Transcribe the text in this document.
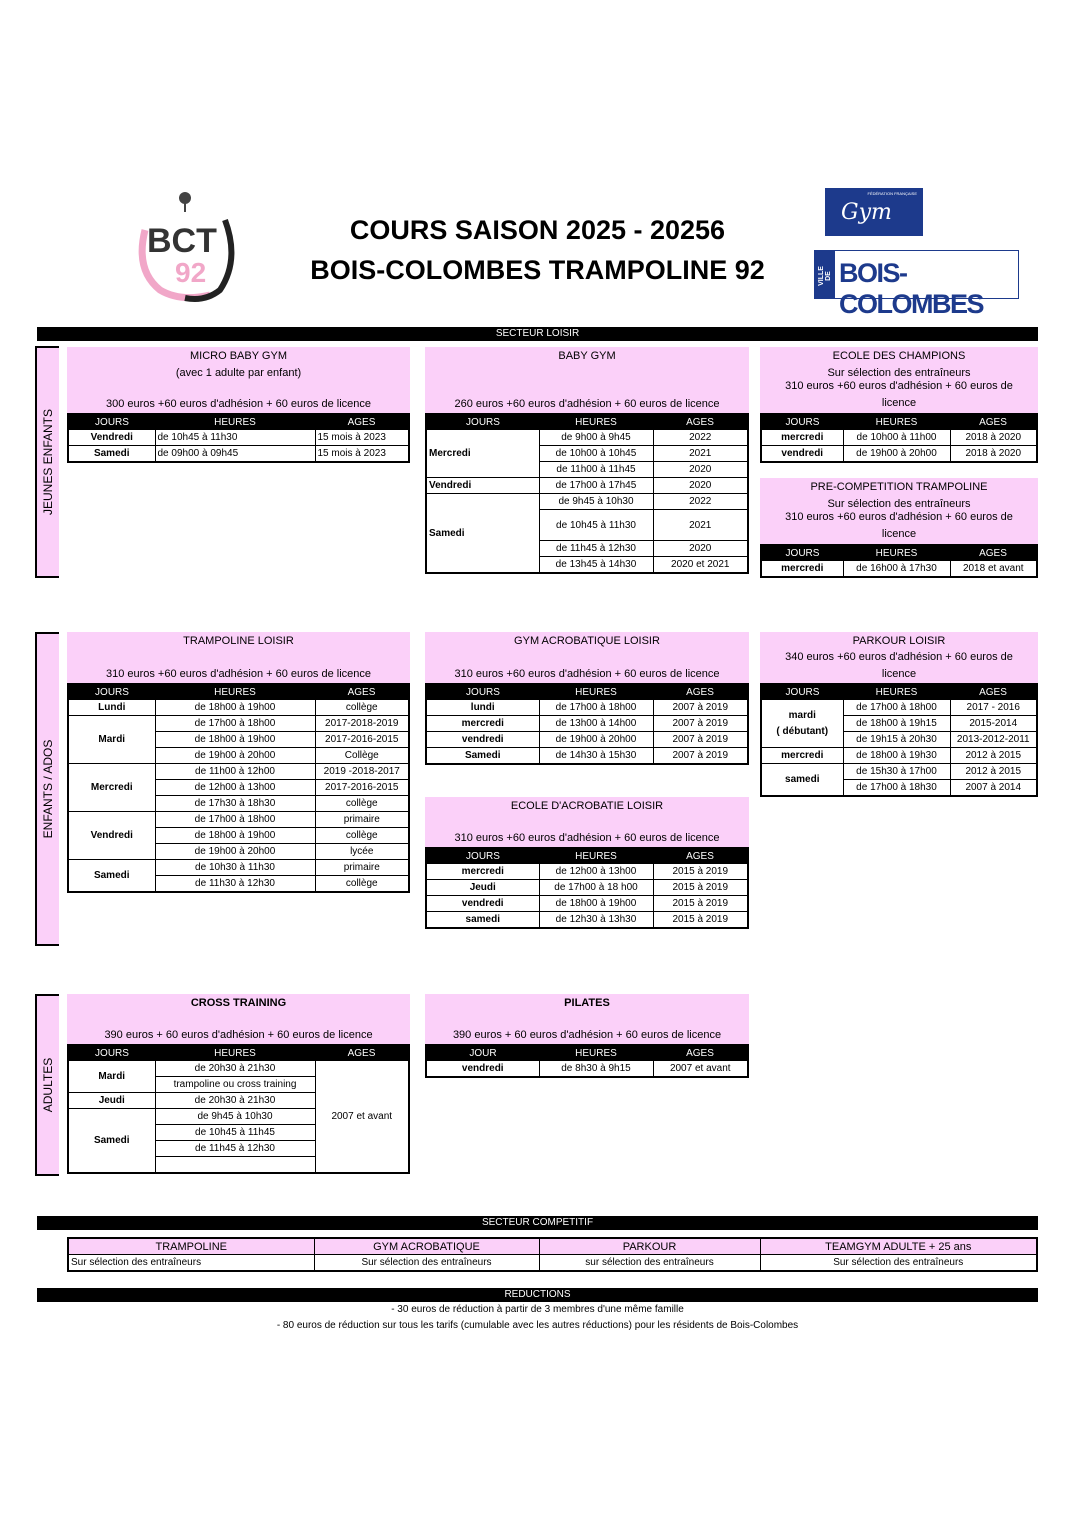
BCT
92
COURS SAISON 2025 - 20256
BOIS-COLOMBES TRAMPOLINE 92
FÉDÉRATION FRANÇAISE
Gym
VILLE DE BOIS-COLOMBES
SECTEUR LOISIR
JEUNES ENFANTS
ENFANTS / ADOS
ADULTES
MICRO BABY GYM
(avec 1 adulte par enfant)
300 euros +60 euros d'adhésion + 60 euros de licence
JOURS	HEURES	AGES
Vendredi	de 10h45 à 11h30	15 mois à 2023
Samedi	de 09h00 à 09h45	15 mois à 2023
BABY GYM
260 euros +60 euros d'adhésion + 60 euros de licence
JOURS	HEURES	AGES
Mercredi	de 9h00 à 9h45	2022
	de 10h00 à 10h45	2021
	de 11h00 à 11h45	2020
Vendredi	de 17h00 à 17h45	2020
Samedi	de 9h45 à 10h30	2022
	de 10h45 à 11h30	2021
	de 11h45 à 12h30	2020
	de 13h45 à 14h30	2020 et 2021
ECOLE DES CHAMPIONS
Sur sélection des entraîneurs
310 euros +60 euros d'adhésion + 60 euros de
licence
JOURS	HEURES	AGES
mercredi	de 10h00 à 11h00	2018 à 2020
vendredi	de 19h00 à 20h00	2018 à 2020
PRE-COMPETITION TRAMPOLINE
Sur sélection des entraîneurs
310 euros +60 euros d'adhésion + 60 euros de
licence
JOURS	HEURES	AGES
mercredi	de 16h00 à 17h30	2018 et avant
TRAMPOLINE LOISIR
310 euros +60 euros d'adhésion + 60 euros de licence
JOURS	HEURES	AGES
Lundi	de 18h00 à 19h00	collège
Mardi	de 17h00 à 18h00	2017-2018-2019
	de 18h00 à 19h00	2017-2016-2015
	de 19h00 à 20h00	Collège
Mercredi	de 11h00 à 12h00	2019 -2018-2017
	de 12h00 à 13h00	2017-2016-2015
	de 17h30 à 18h30	collège
Vendredi	de 17h00 à 18h00	primaire
	de 18h00 à 19h00	collège
	de 19h00 à 20h00	lycée
Samedi	de 10h30 à 11h30	primaire
	de 11h30 à 12h30	collège
GYM ACROBATIQUE LOISIR
310 euros +60 euros d'adhésion + 60 euros de licence
JOURS	HEURES	AGES
lundi	de 17h00 à 18h00	2007 à 2019
mercredi	de 13h00 à 14h00	2007 à 2019
vendredi	de 19h00 à 20h00	2007 à 2019
Samedi	de 14h30 à 15h30	2007 à 2019
ECOLE D'ACROBATIE LOISIR
310 euros +60 euros d'adhésion + 60 euros de licence
JOURS	HEURES	AGES
mercredi	de 12h00 à 13h00	2015 à 2019
Jeudi	de 17h00 à 18 h00	2015 à 2019
vendredi	de 18h00 à 19h00	2015 à 2019
samedi	de 12h30 à 13h30	2015 à 2019
PARKOUR LOISIR
340 euros +60 euros d'adhésion + 60 euros de
licence
JOURS	HEURES	AGES

mardi
( débutant)	de 17h00 à 18h00	2017 - 2016
	de 18h00 à 19h15	2015-2014
	de 19h15 à 20h30	2013-2012-2011
mercredi	de 18h00 à 19h30	2012 à 2015
samedi	de 15h30 à 17h00	2012 à 2015
	de 17h00 à 18h30	2007 à 2014
CROSS TRAINING
390 euros + 60 euros d'adhésion + 60 euros de licence
JOURS	HEURES	AGES
Mardi	de 20h30 à 21h30	2007 et avant
	trampoline ou cross training	
Jeudi	de 20h30 à 21h30	
Samedi	de 9h45 à 10h30	
	de 10h45 à 11h45	
	de 11h45 à 12h30	

PILATES
390 euros + 60 euros d'adhésion + 60 euros de licence
JOUR	HEURES	AGES
vendredi	de 8h30 à 9h15	2007 et avant
SECTEUR COMPETITIF
TRAMPOLINE	GYM ACROBATIQUE	PARKOUR	TEAMGYM ADULTE + 25 ans
Sur sélection des entraîneurs	Sur sélection des entraîneurs	sur sélection des entraîneurs	Sur sélection des entraîneurs
REDUCTIONS
- 30 euros de réduction à partir de 3 membres d'une même famille
- 80 euros de réduction sur tous les tarifs (cumulable avec les autres réductions) pour les résidents de Bois-Colombes
